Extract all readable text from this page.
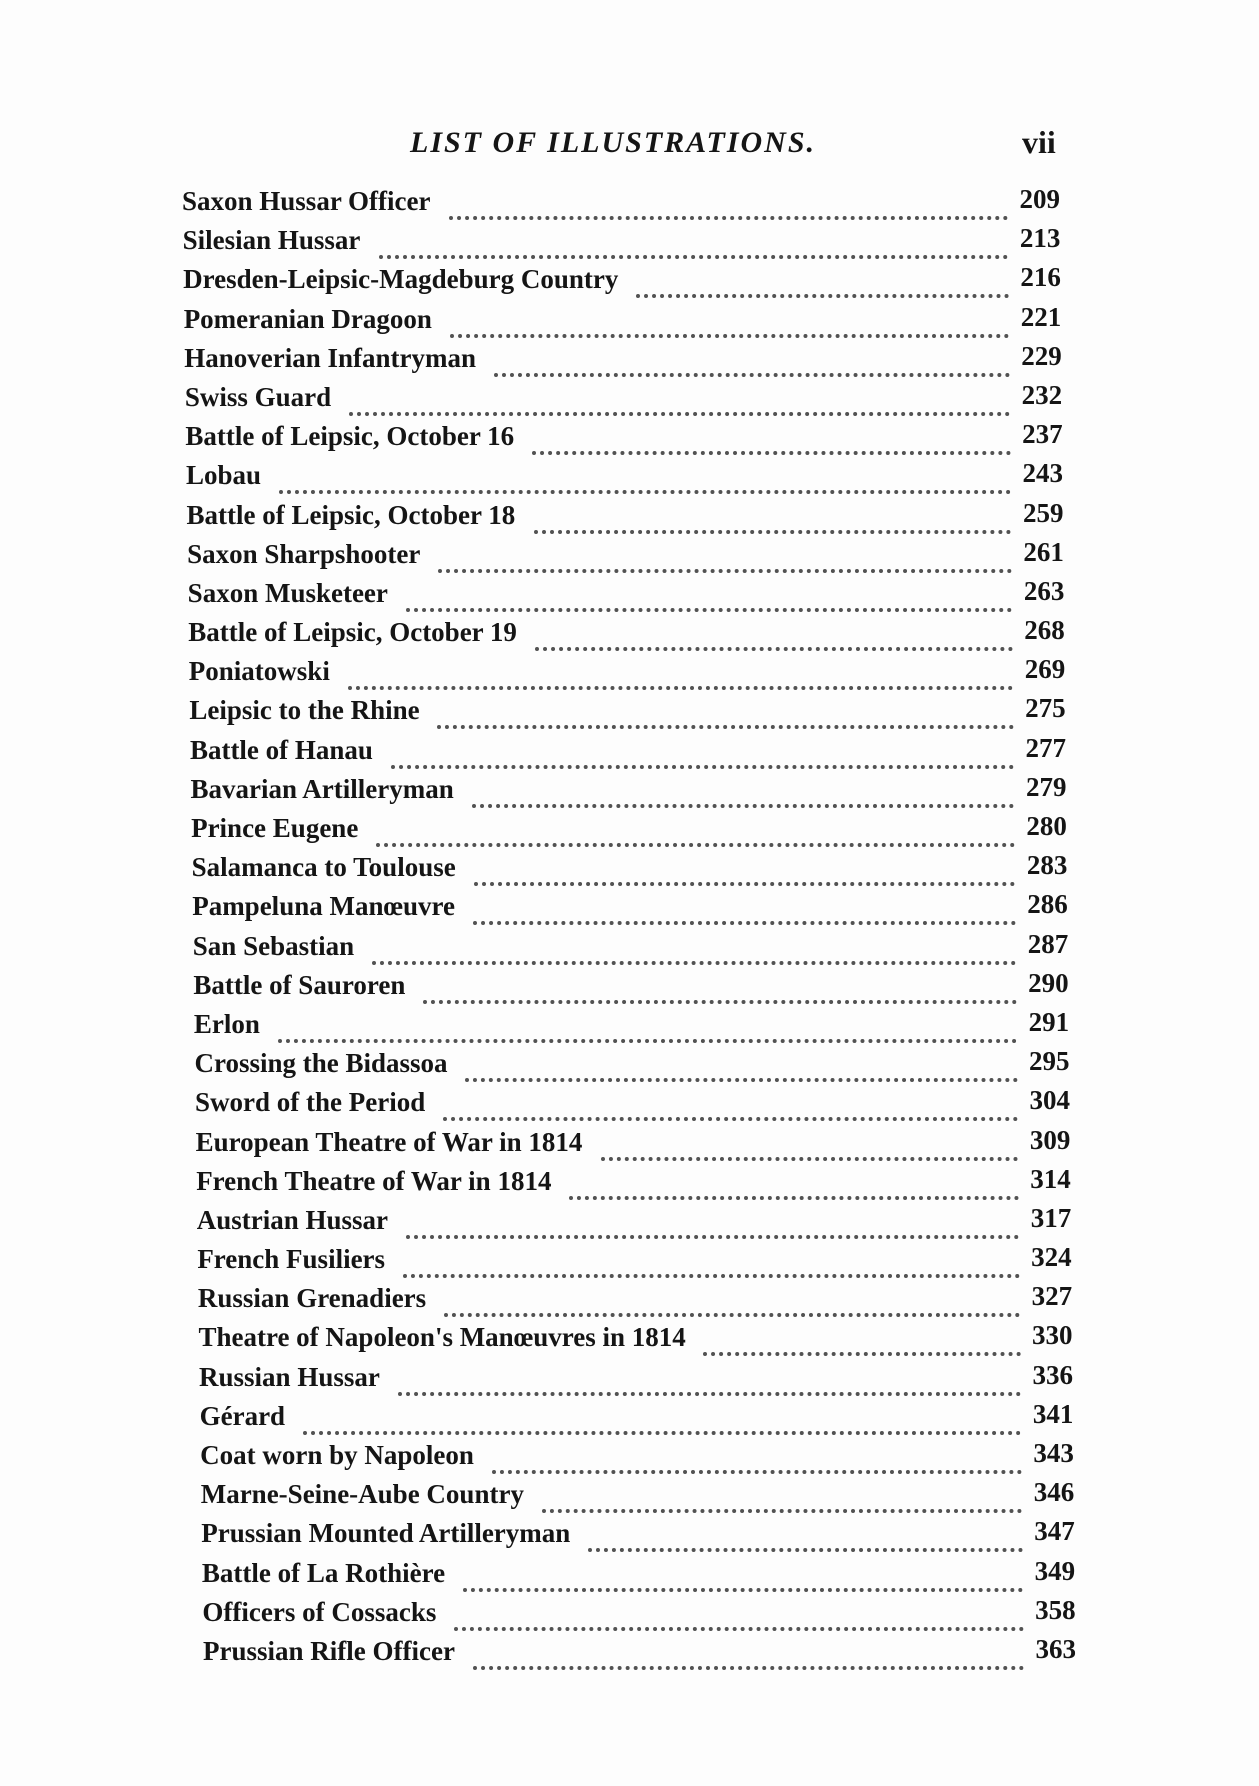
LIST OF ILLUSTRATIONS.	vii
Saxon Hussar Officer	209
Silesian Hussar	213
Dresden-Leipsic-Magdeburg Country	216
Pomeranian Dragoon	221
Hanoverian Infantryman	229
Swiss Guard	232
Battle of Leipsic, October 16	237
Lobau	243
Battle of Leipsic, October 18	259
Saxon Sharpshooter	261
Saxon Musketeer	263
Battle of Leipsic, October 19	268
Poniatowski	269
Leipsic to the Rhine	275
Battle of Hanau	277
Bavarian Artilleryman	279
Prince Eugene	280
Salamanca to Toulouse	283
Pampeluna Manœuvre	286
San Sebastian	287
Battle of Sauroren	290
Erlon	291
Crossing the Bidassoa	295
Sword of the Period	304
European Theatre of War in 1814	309
French Theatre of War in 1814	314
Austrian Hussar	317
French Fusiliers	324
Russian Grenadiers	327
Theatre of Napoleon's Manœuvres in 1814	330
Russian Hussar	336
Gérard	341
Coat worn by Napoleon	343
Marne-Seine-Aube Country	346
Prussian Mounted Artilleryman	347
Battle of La Rothière	349
Officers of Cossacks	358
Prussian Rifle Officer	363
